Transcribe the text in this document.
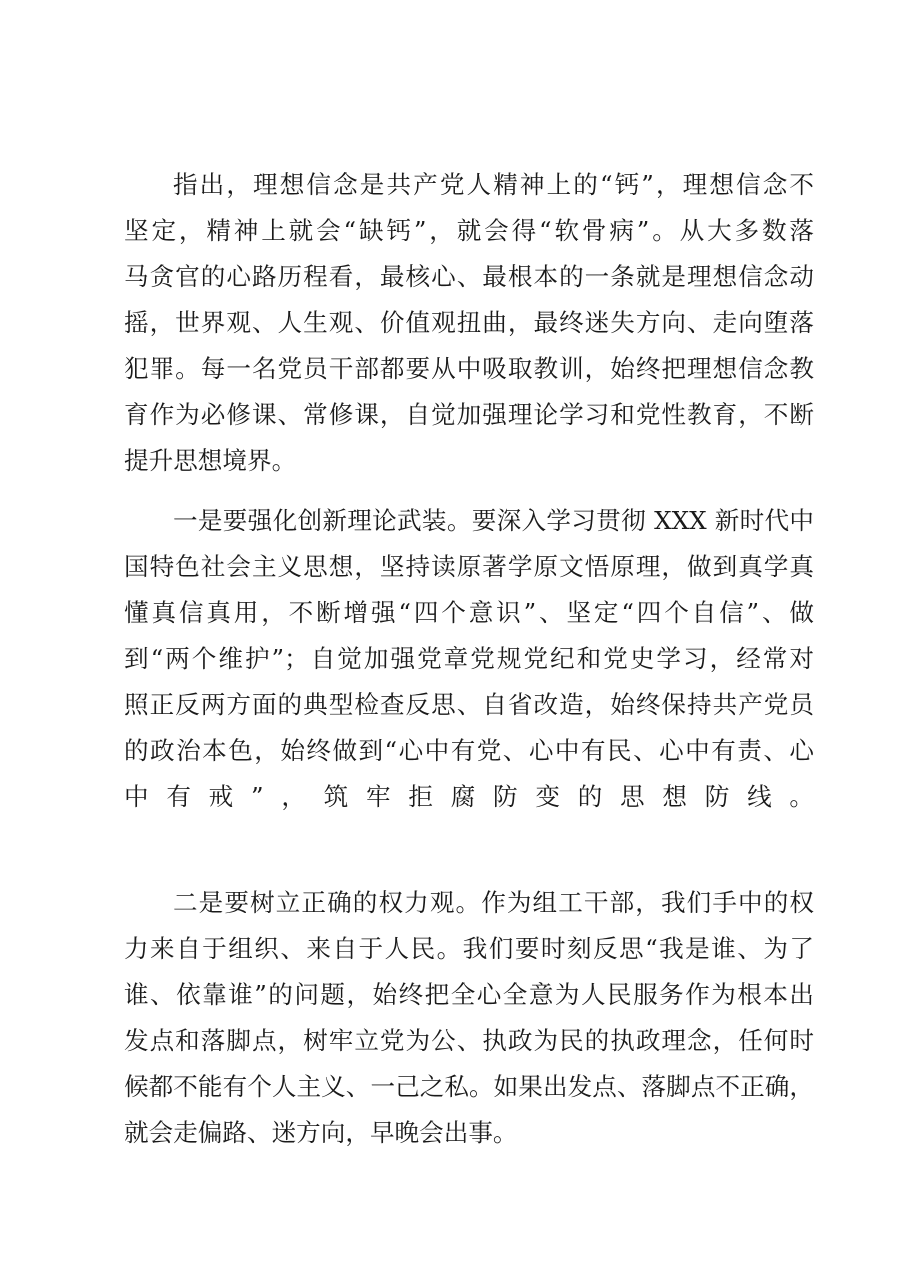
指出，理想信念是共产党人精神上的“钙”，理想信念不
坚定，精神上就会“缺钙”，就会得“软骨病”。从大多数落
马贪官的心路历程看，最核心、最根本的一条就是理想信念动
摇，世界观、人生观、价值观扭曲，最终迷失方向、走向堕落
犯罪。每一名党员干部都要从中吸取教训，始终把理想信念教
育作为必修课、常修课，自觉加强理论学习和党性教育，不断
提升思想境界。
一是要强化创新理论武装。要深入学习贯彻 XXX 新时代中
国特色社会主义思想，坚持读原著学原文悟原理，做到真学真
懂真信真用，不断增强“四个意识”、坚定“四个自信”、做
到“两个维护”；自觉加强党章党规党纪和党史学习，经常对
照正反两方面的典型检查反思、自省改造，始终保持共产党员
的政治本色，始终做到“心中有党、心中有民、心中有责、心
中有戒”，筑牢拒腐防变的思想防线。
二是要树立正确的权力观。作为组工干部，我们手中的权
力来自于组织、来自于人民。我们要时刻反思“我是谁、为了
谁、依靠谁”的问题，始终把全心全意为人民服务作为根本出
发点和落脚点，树牢立党为公、执政为民的执政理念，任何时
候都不能有个人主义、一己之私。如果出发点、落脚点不正确，
就会走偏路、迷方向，早晚会出事。
